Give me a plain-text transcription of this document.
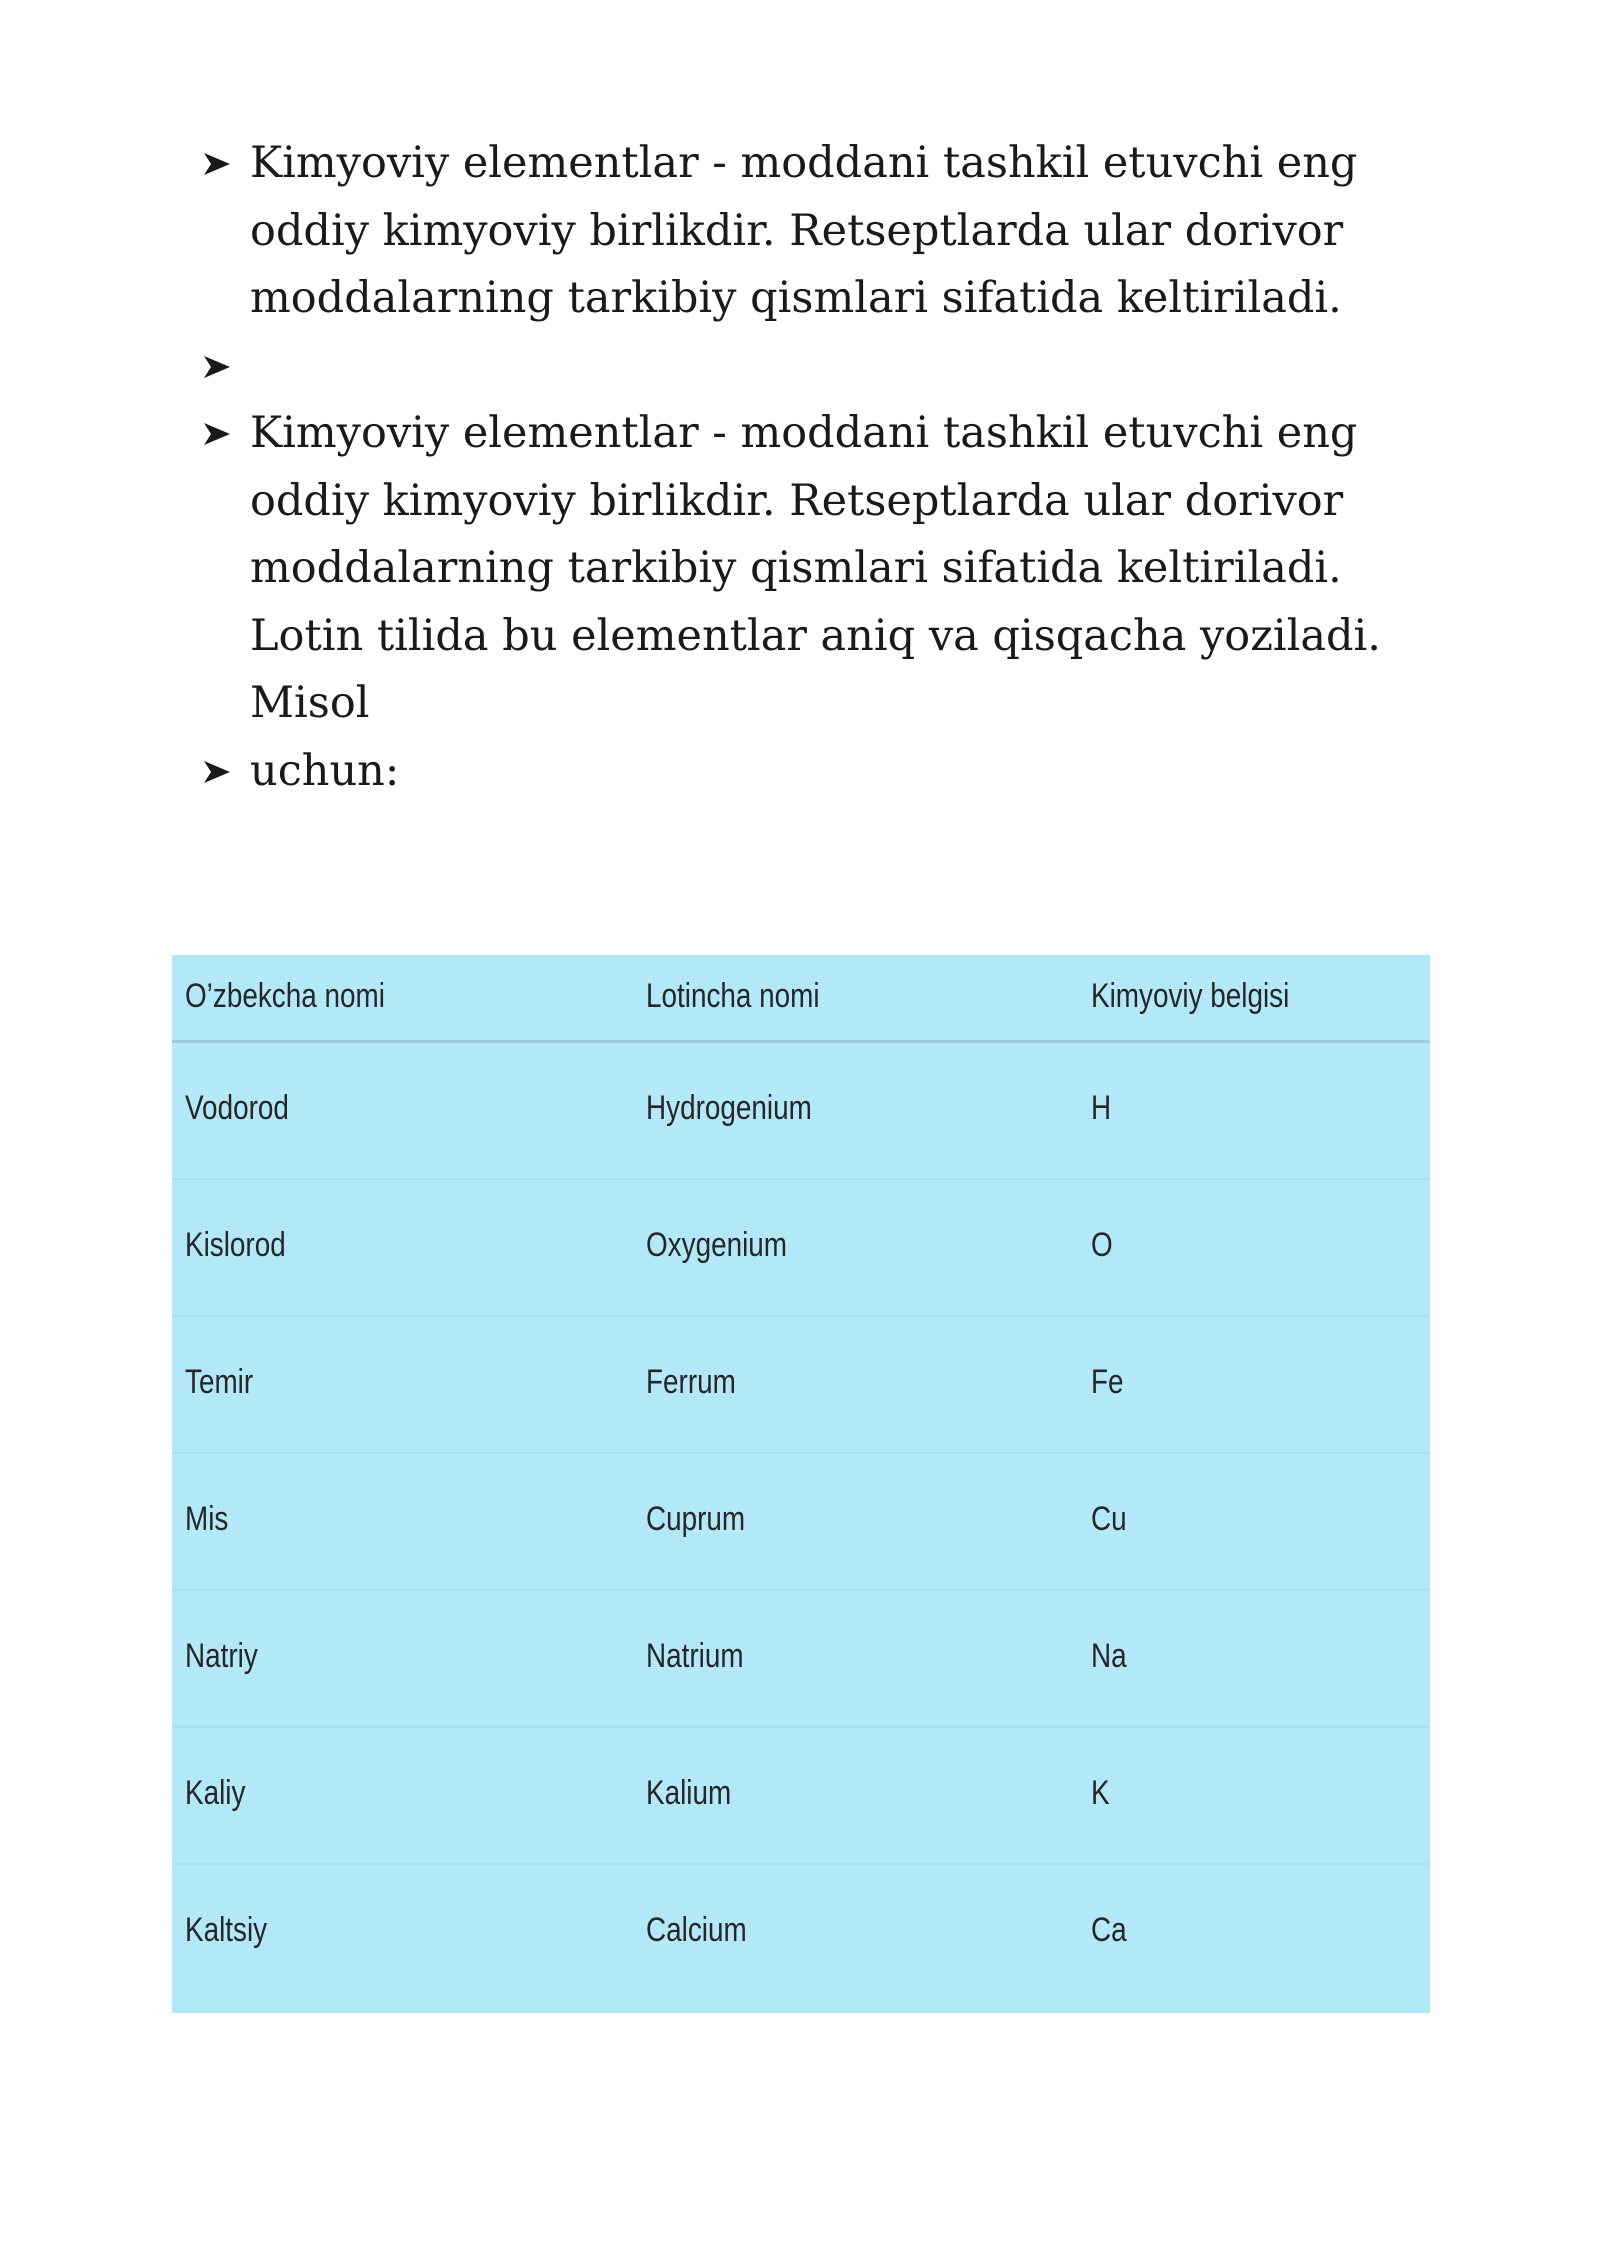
Kimyoviy elementlar - moddani tashkil etuvchi eng oddiy kimyoviy birlikdir. Retseptlarda ular dorivor moddalarning tarkibiy qismlari sifatida keltiriladi.
Kimyoviy elementlar - moddani tashkil etuvchi eng oddiy kimyoviy birlikdir. Retseptlarda ular dorivor moddalarning tarkibiy qismlari sifatida keltiriladi. Lotin tilida bu elementlar aniq va qisqacha yoziladi. Misol
uchun:
O’zbekcha nomi	Lotincha nomi	Kimyoviy belgisi
Vodorod	Hydrogenium	H
Kislorod	Oxygenium	O
Temir	Ferrum	Fe
Mis	Cuprum	Cu
Natriy	Natrium	Na
Kaliy	Kalium	K
Kaltsiy	Calcium	Ca
